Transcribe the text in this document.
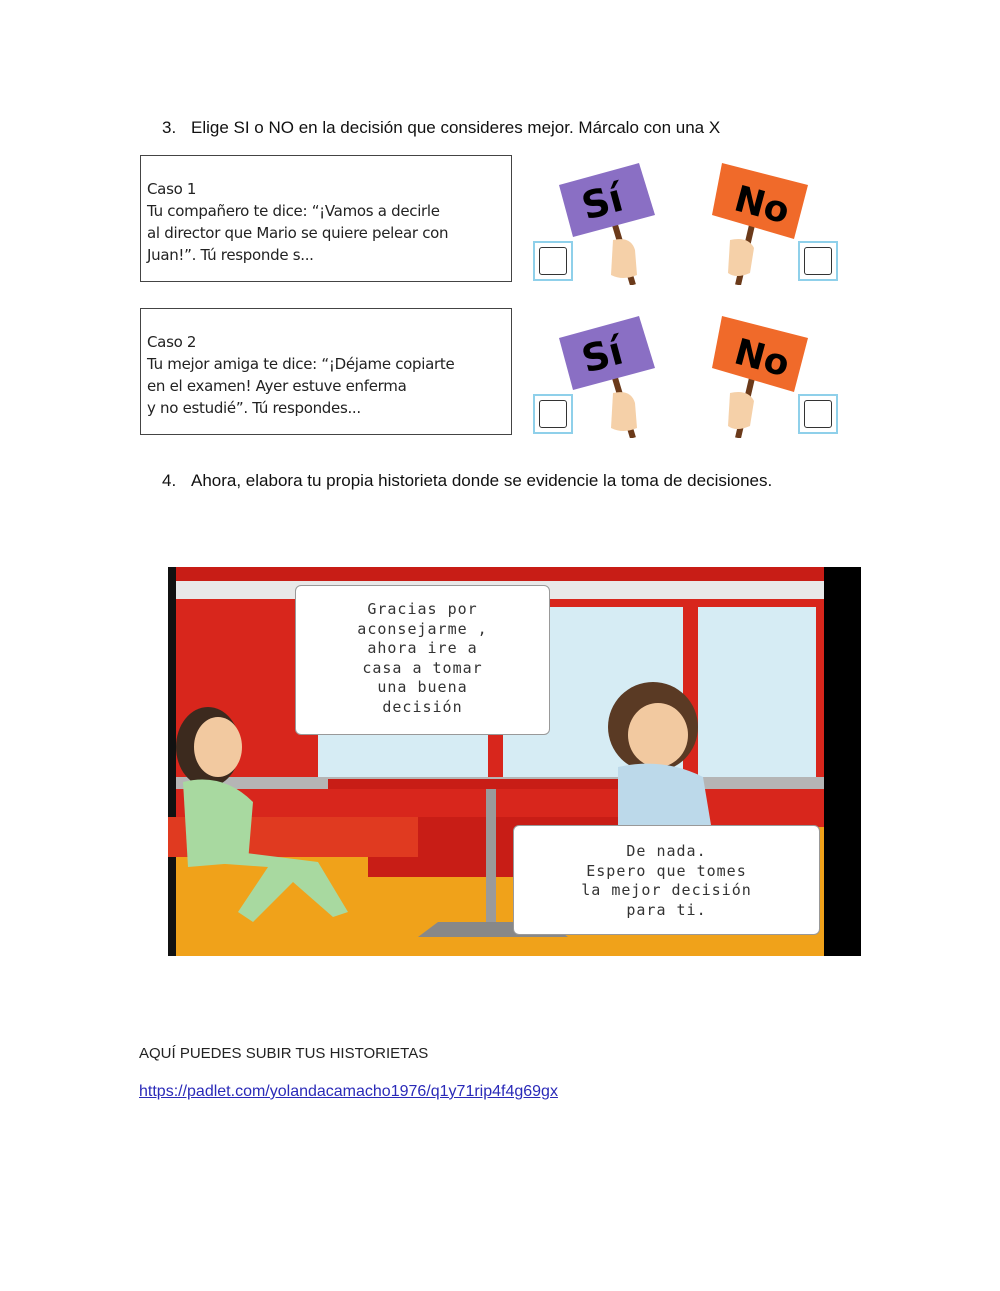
3. Elige SI o NO en la decisión que consideres mejor. Márcalo con una X
Caso 1
Tu compañero te dice: “¡Vamos a decirle
al director que Mario se quiere pelear con
Juan!”. Tú responde s...
Caso 2
Tu mejor amiga te dice: “¡Déjame copiarte
en el examen! Ayer estuve enferma
y no estudié”. Tú respondes...
Sí	No
Sí	No
4. Ahora, elabora tu propia historieta donde se evidencie la toma de decisiones.
Gracias por
aconsejarme ,
ahora ire a
casa a tomar
una buena
decisión
De nada.
Espero que tomes
la mejor decisión
para ti.
AQUÍ PUEDES SUBIR TUS HISTORIETAS
https://padlet.com/yolandacamacho1976/q1y71rip4f4g69gx
